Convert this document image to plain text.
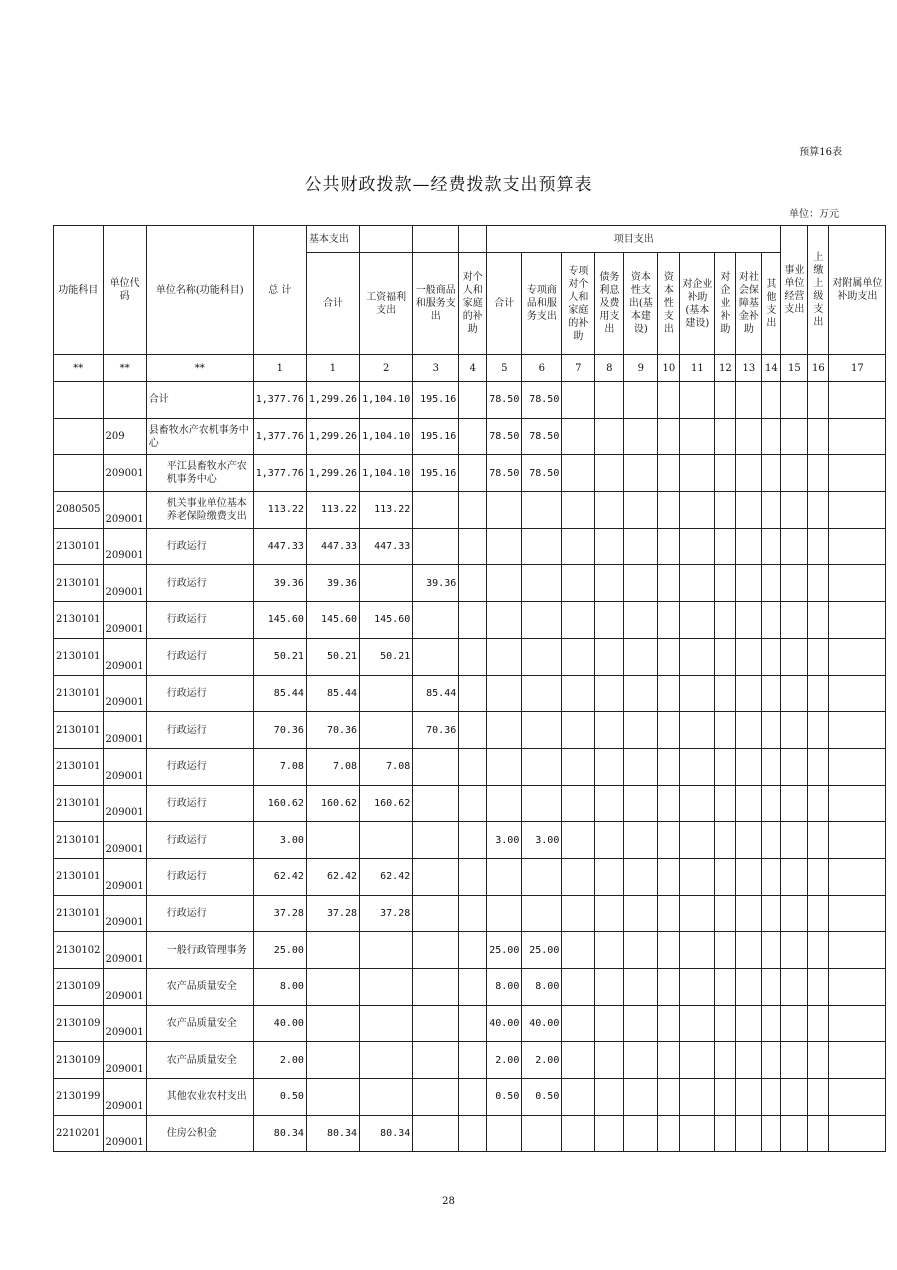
预算16表
公共财政拨款—经费拨款支出预算表
单位：万元
功能科目	单位代码	单位名称(功能科目)	总 计	基本支出				项目支出										事业单位经营支出	上缴上级支出	对附属单位补助支出
				合计	工资福利支出	一般商品和服务支出	对个人和家庭的补助	合计	专项商品和服务支出	专项对个人和家庭的补助	债务利息及费用支出	资本性支出(基本建设)	资本性支出	对企业补助(基本建设)	对企业补助	对社会保障基金补助	其他支出			
**	**	**	1	1	2	3	4	5	6	7	8	9	10	11	12	13	14	15	16	17
		合计	1,377.76	1,299.26	1,104.10	195.16		78.50	78.50											
	209	县畜牧水产农机事务中心	1,377.76	1,299.26	1,104.10	195.16		78.50	78.50											
	209001	平江县畜牧水产农机事务中心	1,377.76	1,299.26	1,104.10	195.16		78.50	78.50											
2080505	209001	机关事业单位基本养老保险缴费支出	113.22	113.22	113.22															
2130101	209001	行政运行	447.33	447.33	447.33															
2130101	209001	行政运行	39.36	39.36		39.36														
2130101	209001	行政运行	145.60	145.60	145.60															
2130101	209001	行政运行	50.21	50.21	50.21															
2130101	209001	行政运行	85.44	85.44		85.44														
2130101	209001	行政运行	70.36	70.36		70.36														
2130101	209001	行政运行	7.08	7.08	7.08															
2130101	209001	行政运行	160.62	160.62	160.62															
2130101	209001	行政运行	3.00					3.00	3.00											
2130101	209001	行政运行	62.42	62.42	62.42															
2130101	209001	行政运行	37.28	37.28	37.28															
2130102	209001	一般行政管理事务	25.00					25.00	25.00											
2130109	209001	农产品质量安全	8.00					8.00	8.00											
2130109	209001	农产品质量安全	40.00					40.00	40.00											
2130109	209001	农产品质量安全	2.00					2.00	2.00											
2130199	209001	其他农业农村支出	0.50					0.50	0.50											
2210201	209001	住房公积金	80.34	80.34	80.34															
28
